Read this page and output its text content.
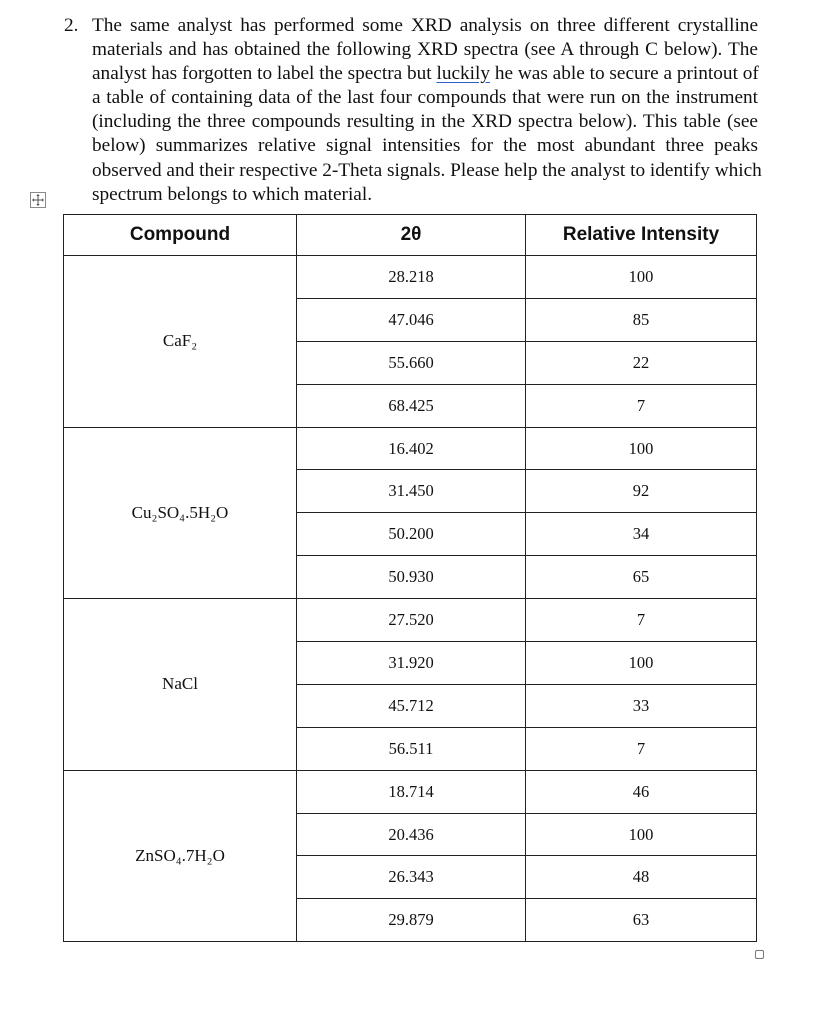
2. The same analyst has performed some XRD analysis on three different crystalline
materials and has obtained the following XRD spectra (see A through C below). The
analyst has forgotten to label the spectra but luckily he was able to secure a printout of
a table of containing data of the last four compounds that were run on the instrument
(including the three compounds resulting in the XRD spectra below). This table (see
below) summarizes relative signal intensities for the most abundant three peaks
observed and their respective 2-Theta signals. Please help the analyst to identify which
spectrum belongs to which material.
Compound	2θ	Relative Intensity

CaF₂	28.218	100
	47.046	85
	55.660	22
	68.425	7

Cu₂SO₄.5H₂O	16.402	100
	31.450	92
	50.200	34
	50.930	65

NaCl	27.520	7
	31.920	100
	45.712	33
	56.511	7

ZnSO₄.7H₂O	18.714	46
	20.436	100
	26.343	48
	29.879	63
